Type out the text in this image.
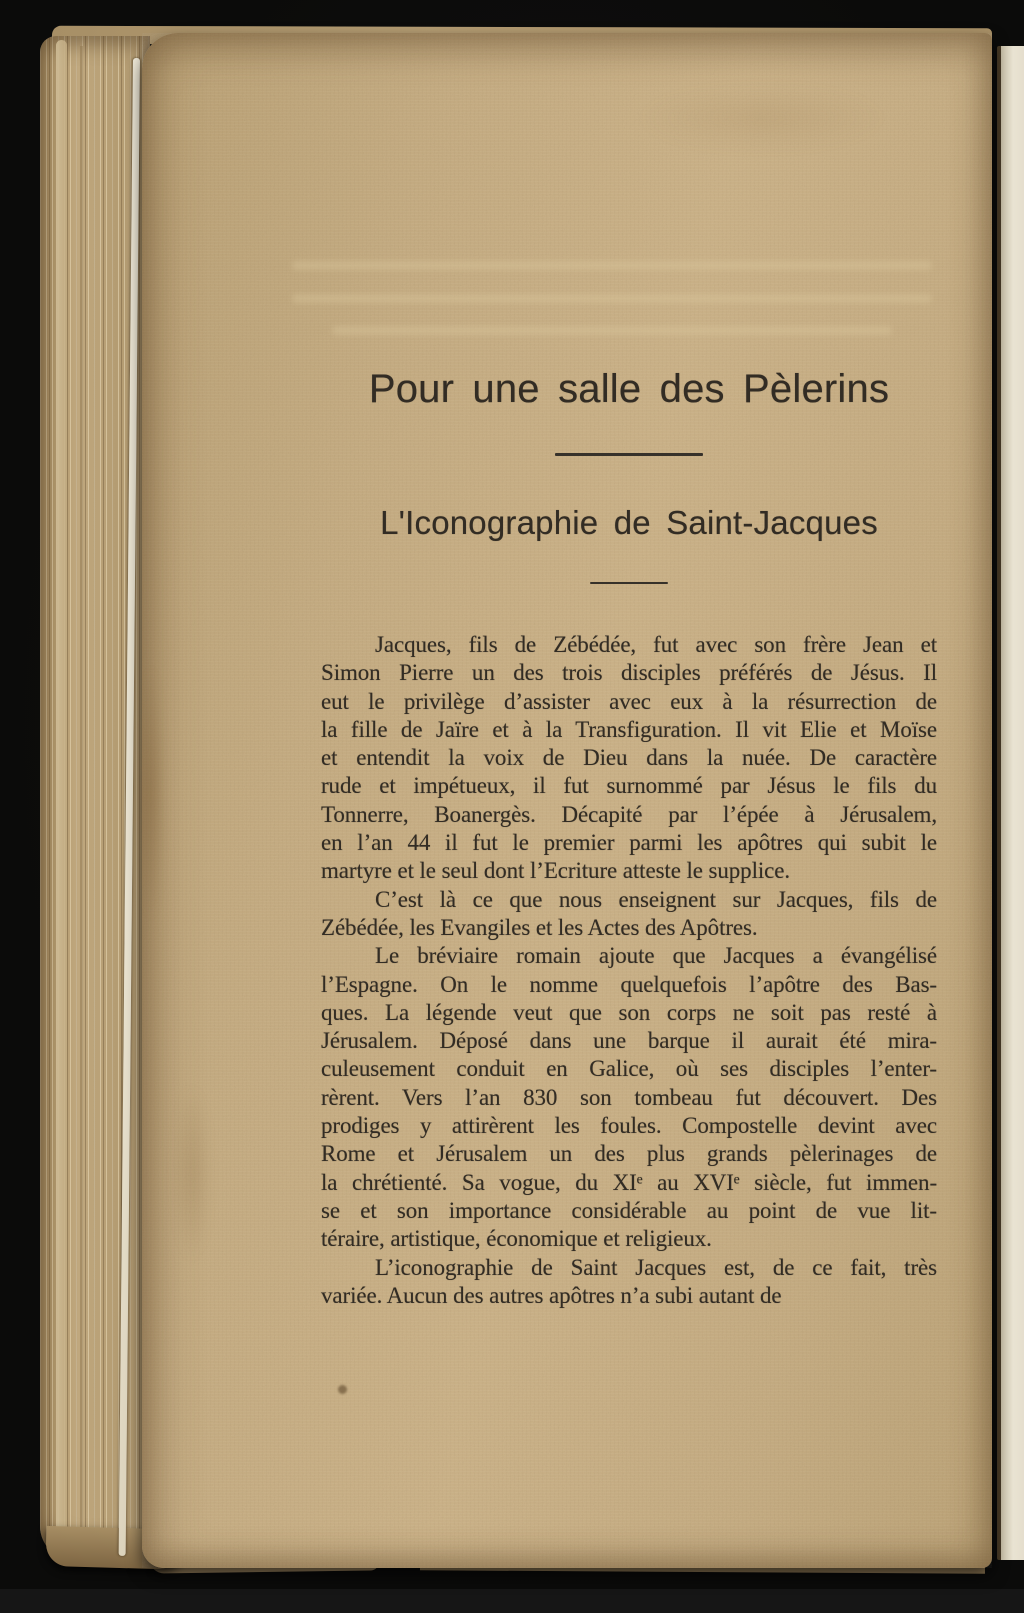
Pour une salle des Pèlerins
L'Iconographie de Saint-Jacques
Jacques, fils de Zébédée, fut avec son frère Jean et
Simon Pierre un des trois disciples préférés de Jésus. Il
eut le privilège d’assister avec eux à la résurrection de
la fille de Jaïre et à la Transfiguration. Il vit Elie et Moïse
et entendit la voix de Dieu dans la nuée. De caractère
rude et impétueux, il fut surnommé par Jésus le fils du
Tonnerre, Boanergès. Décapité par l’épée à Jérusalem,
en l’an 44 il fut le premier parmi les apôtres qui subit le
martyre et le seul dont l’Ecriture atteste le supplice.
C’est là ce que nous enseignent sur Jacques, fils de
Zébédée, les Evangiles et les Actes des Apôtres.
Le bréviaire romain ajoute que Jacques a évangélisé
l’Espagne. On le nomme quelquefois l’apôtre des Bas-
ques. La légende veut que son corps ne soit pas resté à
Jérusalem. Déposé dans une barque il aurait été mira-
culeusement conduit en Galice, où ses disciples l’enter-
rèrent. Vers l’an 830 son tombeau fut découvert. Des
prodiges y attirèrent les foules. Compostelle devint avec
Rome et Jérusalem un des plus grands pèlerinages de
la chrétienté. Sa vogue, du XIᵉ au XVIᵉ siècle, fut immen-
se et son importance considérable au point de vue lit-
téraire, artistique, économique et religieux.
L’iconographie de Saint Jacques est, de ce fait, très
variée. Aucun des autres apôtres n’a subi autant de
